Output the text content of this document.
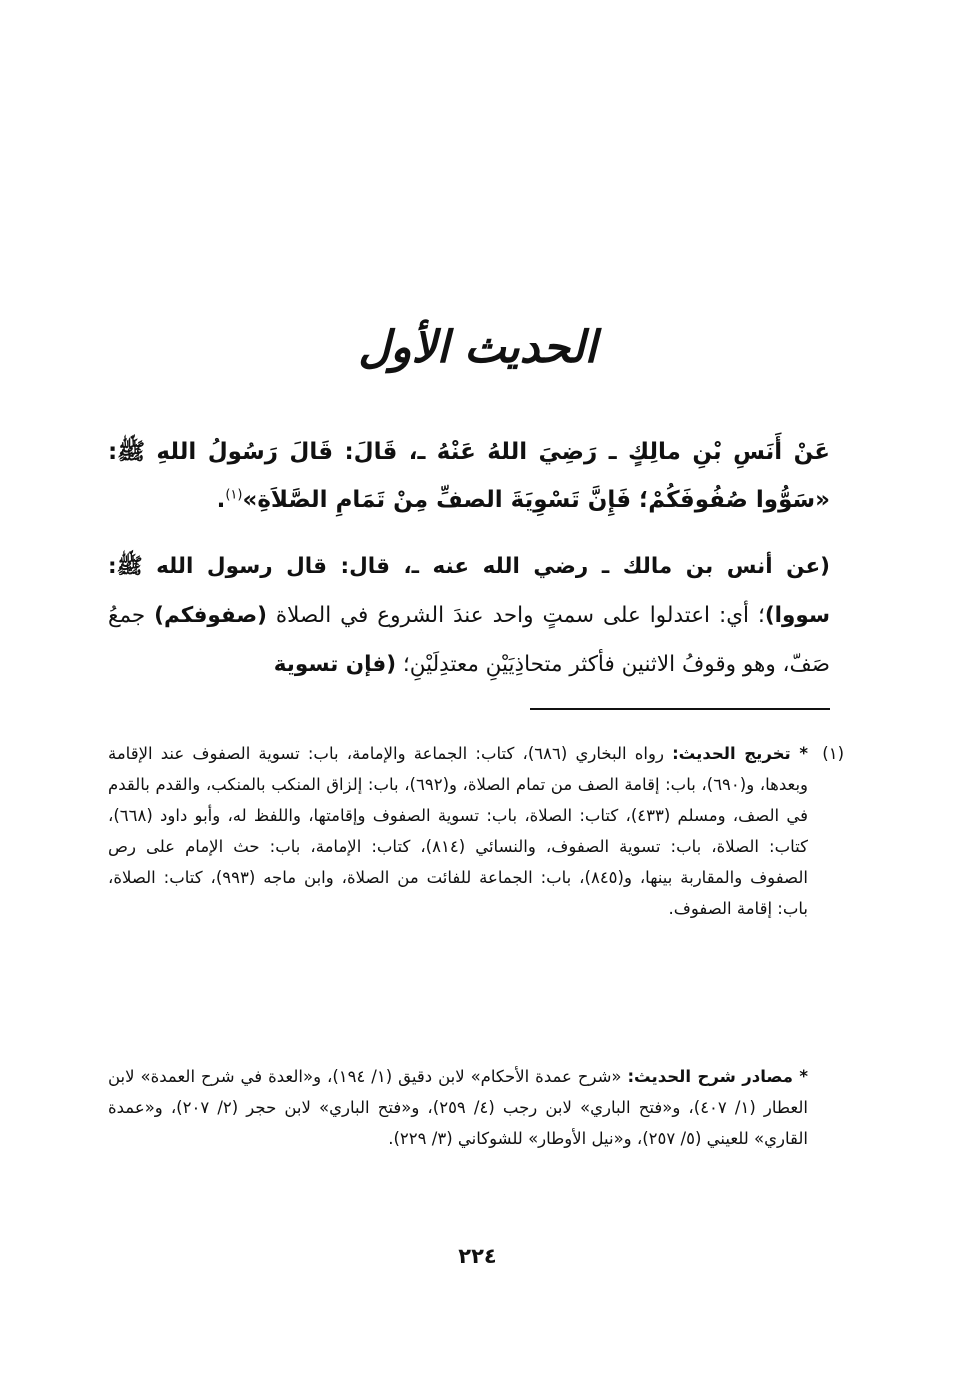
الحديث الأول

عَنْ أَنَسِ بْنِ مالِكٍ ـ رَضِيَ اللهُ عَنْهُ ـ، قَالَ: قَالَ رَسُولُ اللهِ ﷺ: «سَوُّوا صُفُوفَكُمْ؛ فَإِنَّ تَسْوِيَةَ الصفِّ مِنْ تَمَامِ الصَّلاَةِ»$^{(١)}$.

(عن أنس بن مالك ـ رضي الله عنه ـ، قال: قال رسول الله ﷺ: سووا)؛ أي: اعتدلوا على سمتٍ واحد عندَ الشروع في الصلاة (صفوفكم) جمعُ صَفّ، وهو وقوفُ الاثنين فأكثر متحاذِيَيْنِ معتدِلَيْنِ؛ (فإن تسوية

(١)

* تخريج الحديث: رواه البخاري (٦٨٦)، كتاب: الجماعة والإمامة، باب: تسوية الصفوف عند الإقامة وبعدها، و(٦٩٠)، باب: إقامة الصف من تمام الصلاة، و(٦٩٢)، باب: إلزاق المنكب بالمنكب، والقدم بالقدم في الصف، ومسلم (٤٣٣)، كتاب: الصلاة، باب: تسوية الصفوف وإقامتها، واللفظ له، وأبو داود (٦٦٨)، كتاب: الصلاة، باب: تسوية الصفوف، والنسائي (٨١٤)، كتاب: الإمامة، باب: حث الإمام على رص الصفوف والمقاربة بينها، و(٨٤٥)، باب: الجماعة للفائت من الصلاة، وابن ماجه (٩٩٣)، كتاب: الصلاة، باب: إقامة الصفوف.

* مصادر شرح الحديث: «شرح عمدة الأحكام» لابن دقيق (١/ ١٩٤)، و«العدة في شرح العمدة» لابن العطار (١/ ٤٠٧)، و«فتح الباري» لابن رجب (٤/ ٢٥٩)، و«فتح الباري» لابن حجر (٢/ ٢٠٧)، و«عمدة القاري» للعيني (٥/ ٢٥٧)، و«نيل الأوطار» للشوكاني (٣/ ٢٢٩).

٢٢٤
